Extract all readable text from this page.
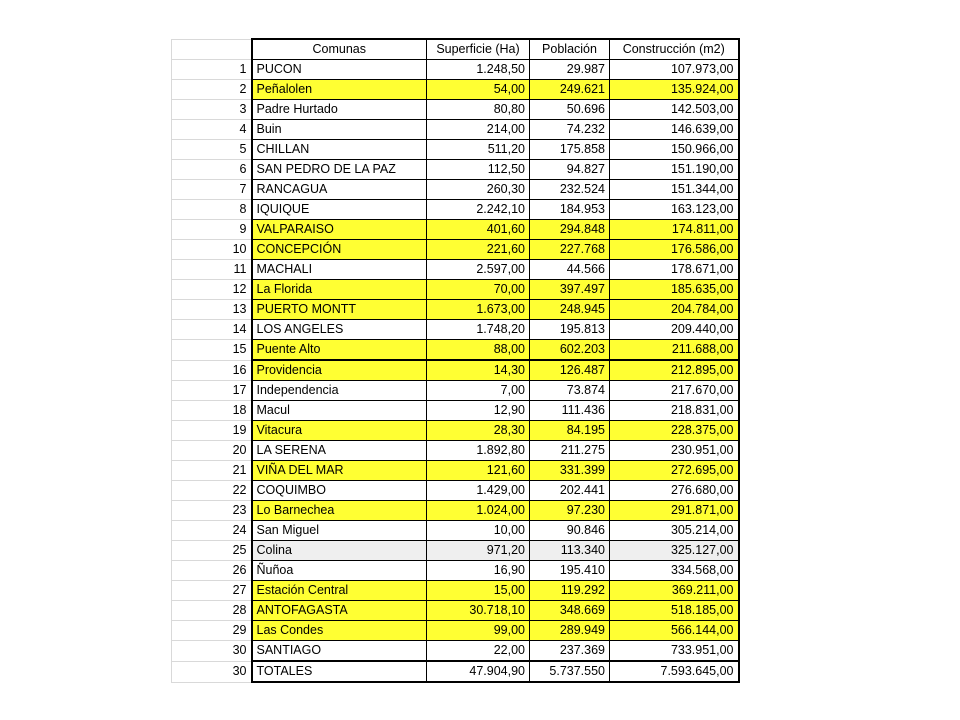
	Comunas	Superficie (Ha)	Población	Construcción (m2)
1	PUCON	1.248,50	29.987	107.973,00
2	Peñalolen	54,00	249.621	135.924,00
3	Padre Hurtado	80,80	50.696	142.503,00
4	Buin	214,00	74.232	146.639,00
5	CHILLAN	511,20	175.858	150.966,00
6	SAN PEDRO DE LA PAZ	112,50	94.827	151.190,00
7	RANCAGUA	260,30	232.524	151.344,00
8	IQUIQUE	2.242,10	184.953	163.123,00
9	VALPARAISO	401,60	294.848	174.811,00
10	CONCEPCIÓN	221,60	227.768	176.586,00
11	MACHALI	2.597,00	44.566	178.671,00
12	La Florida	70,00	397.497	185.635,00
13	PUERTO MONTT	1.673,00	248.945	204.784,00
14	LOS ANGELES	1.748,20	195.813	209.440,00
15	Puente Alto	88,00	602.203	211.688,00
16	Providencia	14,30	126.487	212.895,00
17	Independencia	7,00	73.874	217.670,00
18	Macul	12,90	111.436	218.831,00
19	Vitacura	28,30	84.195	228.375,00
20	LA SERENA	1.892,80	211.275	230.951,00
21	VIÑA DEL MAR	121,60	331.399	272.695,00
22	COQUIMBO	1.429,00	202.441	276.680,00
23	Lo Barnechea	1.024,00	97.230	291.871,00
24	San Miguel	10,00	90.846	305.214,00
25	Colina	971,20	113.340	325.127,00
26	Ñuñoa	16,90	195.410	334.568,00
27	Estación Central	15,00	119.292	369.211,00
28	ANTOFAGASTA	30.718,10	348.669	518.185,00
29	Las Condes	99,00	289.949	566.144,00
30	SANTIAGO	22,00	237.369	733.951,00
30	TOTALES	47.904,90	5.737.550	7.593.645,00
